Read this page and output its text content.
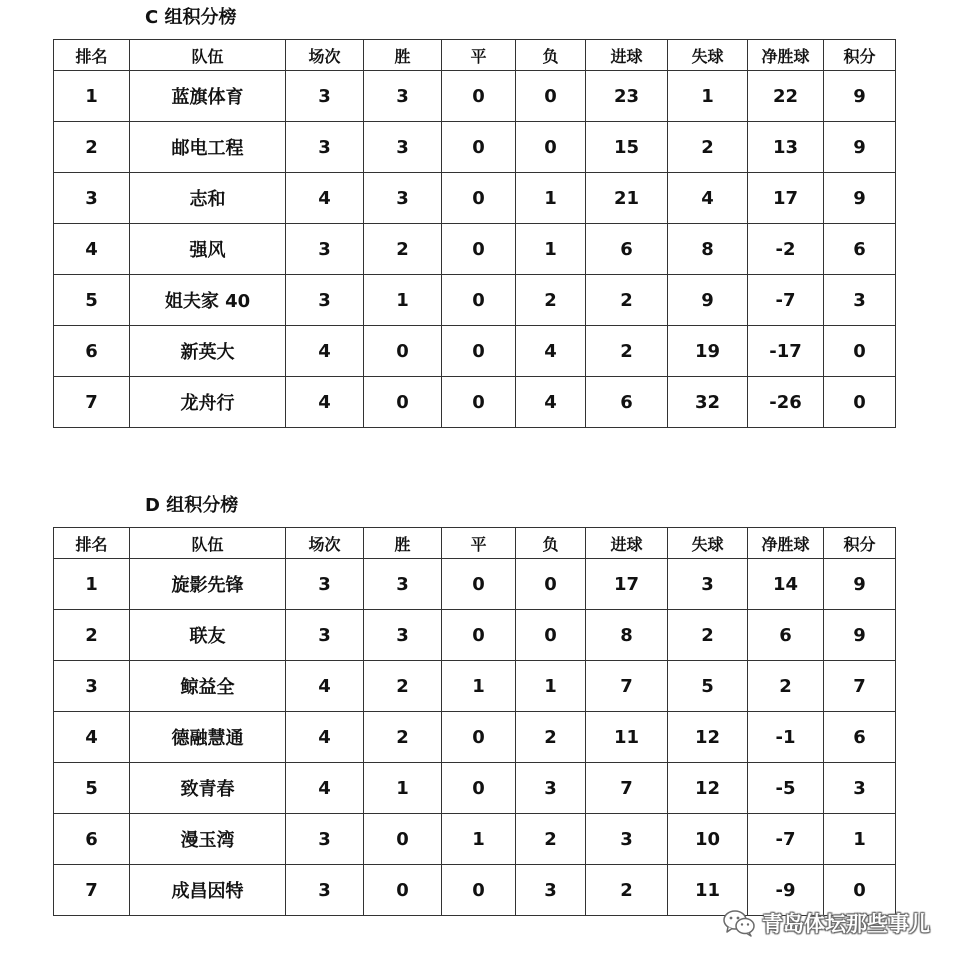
C 组积分榜
排名	队伍	场次	胜	平	负	进球	失球	净胜球	积分
1	蓝旗体育	3	3	0	0	23	1	22	9
2	邮电工程	3	3	0	0	15	2	13	9
3	志和	4	3	0	1	21	4	17	9
4	强风	3	2	0	1	6	8	-2	6
5	姐夫家 40	3	1	0	2	2	9	-7	3
6	新英大	4	0	0	4	2	19	-17	0
7	龙舟行	4	0	0	4	6	32	-26	0
D 组积分榜
排名	队伍	场次	胜	平	负	进球	失球	净胜球	积分
1	旋影先锋	3	3	0	0	17	3	14	9
2	联友	3	3	0	0	8	2	6	9
3	鲸益全	4	2	1	1	7	5	2	7
4	德融慧通	4	2	0	2	11	12	-1	6
5	致青春	4	1	0	3	7	12	-5	3
6	漫玉湾	3	0	1	2	3	10	-7	1
7	成昌因特	3	0	0	3	2	11	-9	0
青岛体坛那些事儿
